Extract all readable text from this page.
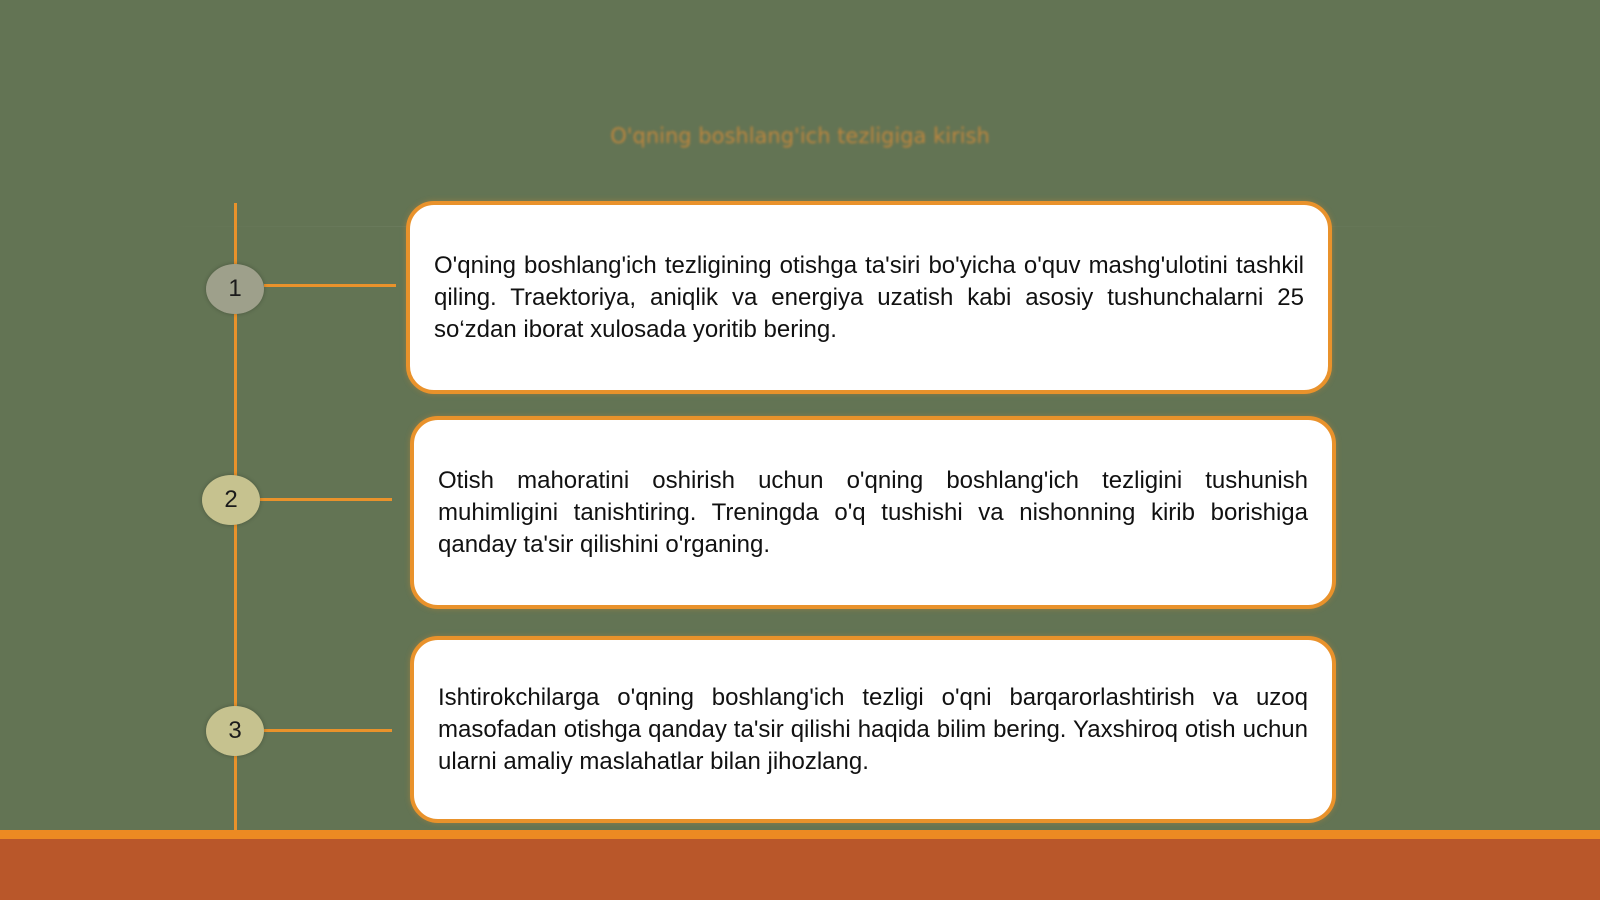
O'qning boshlang'ich tezligiga kirish
1

O'qning boshlang'ich tezligining otishga ta'siri bo'yicha o'quv mashg'ulotini tashkil qiling. Traektoriya, aniqlik va energiya uzatish kabi asosiy tushunchalarni 25 so‘zdan iborat xulosada yoritib bering.

2

Otish mahoratini oshirish uchun o'qning boshlang'ich tezligini tushunish muhimligini tanishtiring. Treningda o'q tushishi va nishonning kirib borishiga qanday ta'sir qilishini o'rganing.

3

Ishtirokchilarga o'qning boshlang'ich tezligi o'qni barqarorlashtirish va uzoq masofadan otishga qanday ta'sir qilishi haqida bilim bering. Yaxshiroq otish uchun ularni amaliy maslahatlar bilan jihozlang.
